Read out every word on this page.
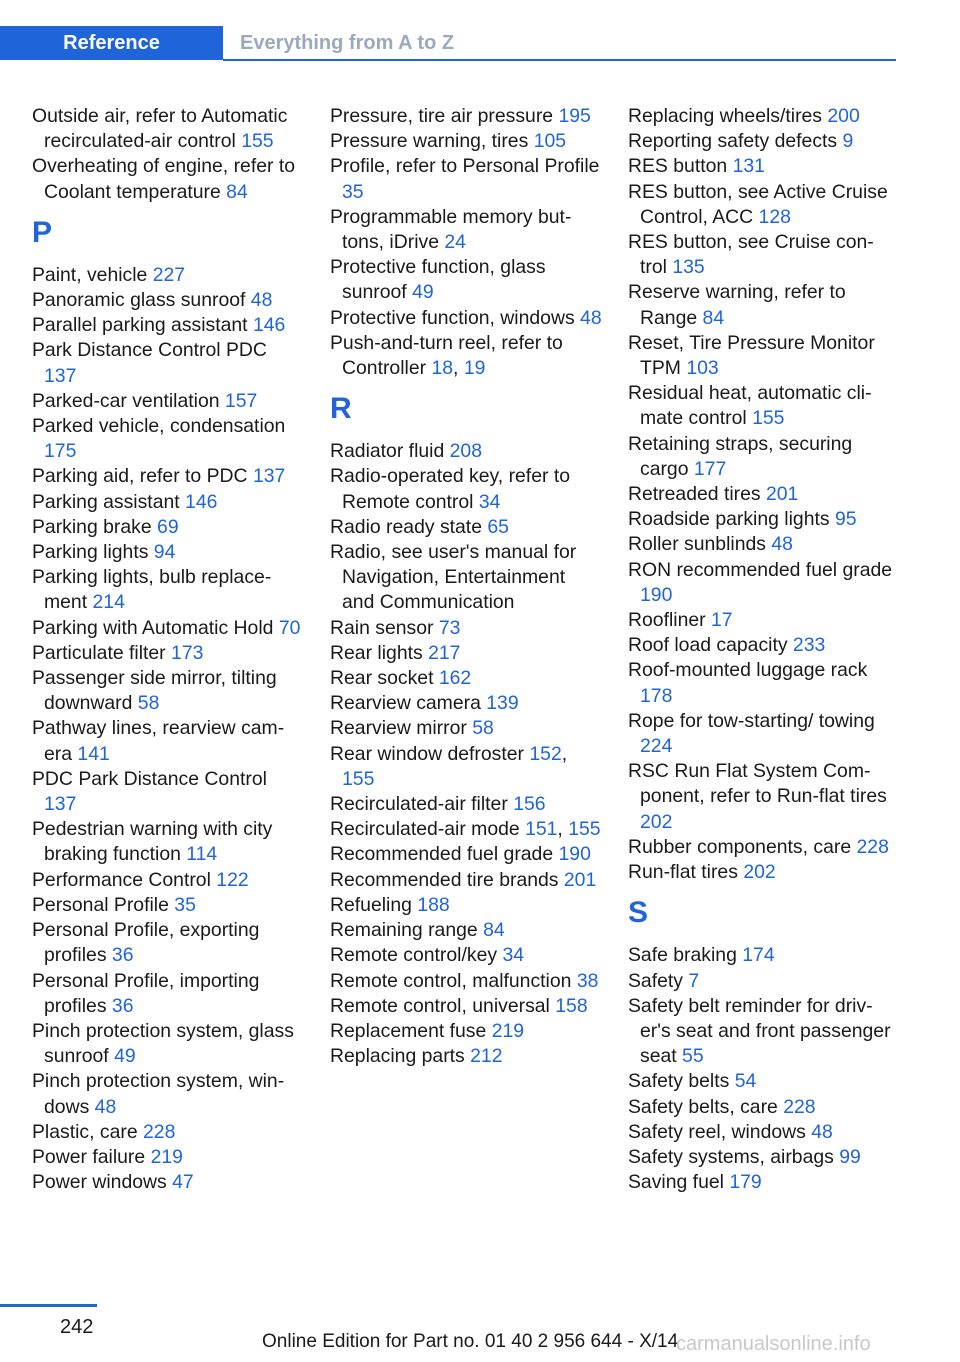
Reference	Everything from A to Z
Outside air, refer to Automatic recirculated-air control 155
Overheating of engine, refer to Coolant temperature 84
P
Paint, vehicle 227
Panoramic glass sunroof 48
Parallel parking assistant 146
Park Distance Control PDC 137
Parked-car ventilation 157
Parked vehicle, condensation 175
Parking aid, refer to PDC 137
Parking assistant 146
Parking brake 69
Parking lights 94
Parking lights, bulb replacement 214
Parking with Automatic Hold 70
Particulate filter 173
Passenger side mirror, tilting downward 58
Pathway lines, rearview camera 141
PDC Park Distance Control 137
Pedestrian warning with city braking function 114
Performance Control 122
Personal Profile 35
Personal Profile, exporting profiles 36
Personal Profile, importing profiles 36
Pinch protection system, glass sunroof 49
Pinch protection system, windows 48
Plastic, care 228
Power failure 219
Power windows 47
Pressure, tire air pressure 195
Pressure warning, tires 105
Profile, refer to Personal Profile 35
Programmable memory buttons, iDrive 24
Protective function, glass sunroof 49
Protective function, windows 48
Push-and-turn reel, refer to Controller 18, 19
R
Radiator fluid 208
Radio-operated key, refer to Remote control 34
Radio ready state 65
Radio, see user's manual for Navigation, Entertainment and Communication
Rain sensor 73
Rear lights 217
Rear socket 162
Rearview camera 139
Rearview mirror 58
Rear window defroster 152, 155
Recirculated-air filter 156
Recirculated-air mode 151, 155
Recommended fuel grade 190
Recommended tire brands 201
Refueling 188
Remaining range 84
Remote control/key 34
Remote control, malfunction 38
Remote control, universal 158
Replacement fuse 219
Replacing parts 212
Replacing wheels/tires 200
Reporting safety defects 9
RES button 131
RES button, see Active Cruise Control, ACC 128
RES button, see Cruise control 135
Reserve warning, refer to Range 84
Reset, Tire Pressure Monitor TPM 103
Residual heat, automatic climate control 155
Retaining straps, securing cargo 177
Retreaded tires 201
Roadside parking lights 95
Roller sunblinds 48
RON recommended fuel grade 190
Roofliner 17
Roof load capacity 233
Roof-mounted luggage rack 178
Rope for tow-starting/ towing 224
RSC Run Flat System Component, refer to Run-flat tires 202
Rubber components, care 228
Run-flat tires 202
S
Safe braking 174
Safety 7
Safety belt reminder for driver's seat and front passenger seat 55
Safety belts 54
Safety belts, care 228
Safety reel, windows 48
Safety systems, airbags 99
Saving fuel 179
242
Online Edition for Part no. 01 40 2 956 644 - X/14
carmanualsonline.info
